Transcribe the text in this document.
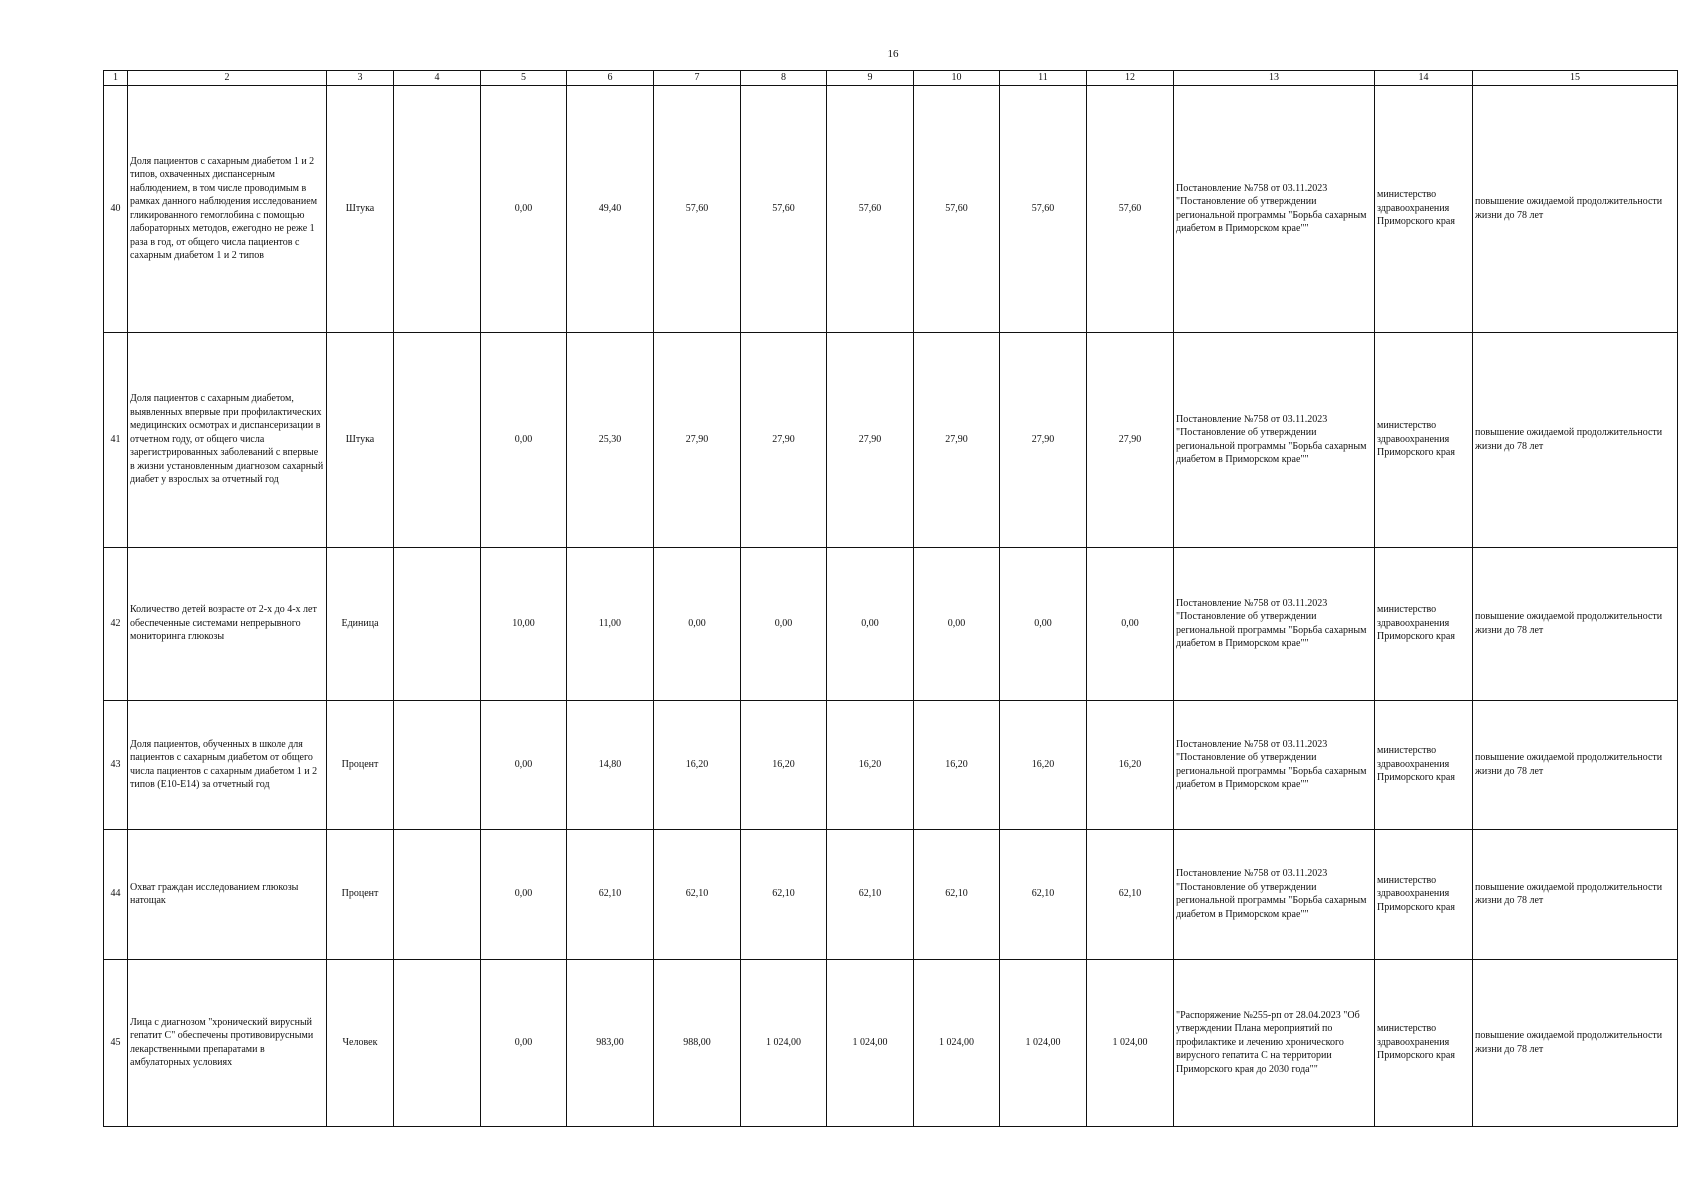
16
1	2	3	4	5	6	7	8	9	10	11	12	13	14	15
40	Доля пациентов с сахарным диабетом 1 и 2 типов, охваченных диспансерным наблюдением, в том числе проводимым в рамках данного наблюдения исследованием гликированного гемоглобина с помощью лабораторных методов, ежегодно не реже 1 раза в год, от общего числа пациентов с сахарным диабетом 1 и 2 типов	Штука		0,00	49,40	57,60	57,60	57,60	57,60	57,60	57,60	Постановление №758 от 03.11.2023 "Постановление об утверждении региональной программы "Борьба сахарным диабетом в Приморском крае""	министерство здравоохранения Приморского края	повышение ожидаемой продолжительности жизни до 78 лет
41	Доля пациентов с сахарным диабетом, выявленных впервые при профилактических медицинских осмотрах и диспансеризации в отчетном году, от общего числа зарегистрированных заболеваний с впервые в жизни установленным диагнозом сахарный диабет у взрослых за отчетный год	Штука		0,00	25,30	27,90	27,90	27,90	27,90	27,90	27,90	Постановление №758 от 03.11.2023 "Постановление об утверждении региональной программы "Борьба сахарным диабетом в Приморском крае""	министерство здравоохранения Приморского края	повышение ожидаемой продолжительности жизни до 78 лет
42	Количество детей возрасте от 2-х до 4-х лет обеспеченные системами непрерывного мониторинга глюкозы	Единица		10,00	11,00	0,00	0,00	0,00	0,00	0,00	0,00	Постановление №758 от 03.11.2023 "Постановление об утверждении региональной программы "Борьба сахарным диабетом в Приморском крае""	министерство здравоохранения Приморского края	повышение ожидаемой продолжительности жизни до 78 лет
43	Доля пациентов, обученных в школе для пациентов с сахарным диабетом от общего числа пациентов с сахарным диабетом 1 и 2 типов (Е10-Е14) за отчетный год	Процент		0,00	14,80	16,20	16,20	16,20	16,20	16,20	16,20	Постановление №758 от 03.11.2023 "Постановление об утверждении региональной программы "Борьба сахарным диабетом в Приморском крае""	министерство здравоохранения Приморского края	повышение ожидаемой продолжительности жизни до 78 лет
44	Охват граждан исследованием глюкозы натощак	Процент		0,00	62,10	62,10	62,10	62,10	62,10	62,10	62,10	Постановление №758 от 03.11.2023 "Постановление об утверждении региональной программы "Борьба сахарным диабетом в Приморском крае""	министерство здравоохранения Приморского края	повышение ожидаемой продолжительности жизни до 78 лет
45	Лица с диагнозом "хронический вирусный гепатит С" обеспечены противовирусными лекарственными препаратами в амбулаторных условиях	Человек		0,00	983,00	988,00	1 024,00	1 024,00	1 024,00	1 024,00	1 024,00	"Распоряжение №255-рп от 28.04.2023 "Об утверждении Плана мероприятий по профилактике и лечению хронического вирусного гепатита С на территории Приморского края до 2030 года""	министерство здравоохранения Приморского края	повышение ожидаемой продолжительности жизни до 78 лет
